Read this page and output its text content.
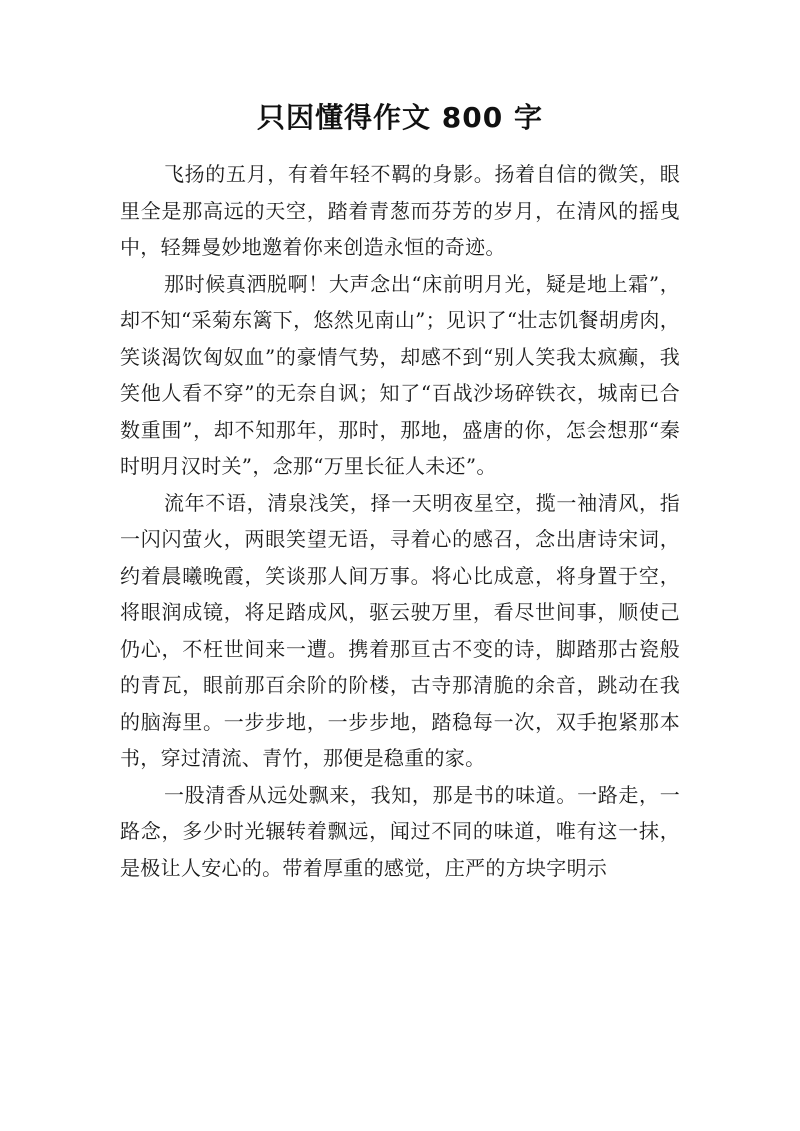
只因懂得作文 800 字

飞扬的五月，有着年轻不羁的身影。扬着自信的微笑，眼里全是那高远的天空，踏着青葱而芬芳的岁月，在清风的摇曳中，轻舞曼妙地邀着你来创造永恒的奇迹。

那时候真洒脱啊！大声念出“床前明月光，疑是地上霜”，却不知“采菊东篱下，悠然见南山”；见识了“壮志饥餐胡虏肉，笑谈渴饮匈奴血”的豪情气势，却感不到“别人笑我太疯癫，我笑他人看不穿”的无奈自讽；知了“百战沙场碎铁衣，城南已合数重围”，却不知那年，那时，那地，盛唐的你，怎会想那“秦时明月汉时关”，念那“万里长征人未还”。

流年不语，清泉浅笑，择一天明夜星空，揽一袖清风，指一闪闪萤火，两眼笑望无语，寻着心的感召，念出唐诗宋词，约着晨曦晚霞，笑谈那人间万事。将心比成意，将身置于空，将眼润成镜，将足踏成风，驱云驶万里，看尽世间事，顺使己仍心，不枉世间来一遭。携着那亘古不变的诗，脚踏那古瓷般的青瓦，眼前那百余阶的阶楼，古寺那清脆的余音，跳动在我的脑海里。一步步地，一步步地，踏稳每一次，双手抱紧那本书，穿过清流、青竹，那便是稳重的家。

一股清香从远处飘来，我知，那是书的味道。一路走，一路念，多少时光辗转着飘远，闻过不同的味道，唯有这一抹，是极让人安心的。带着厚重的感觉，庄严的方块字明示
